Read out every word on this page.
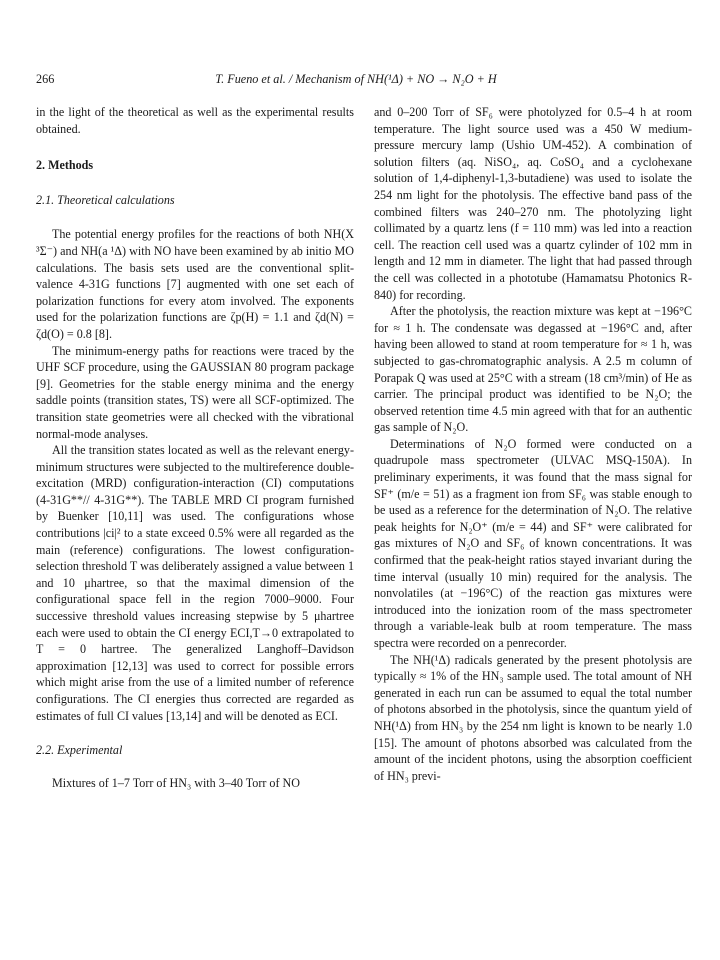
266	T. Fueno et al. / Mechanism of NH(¹Δ) + NO → N₂O + H

in the light of the theoretical as well as the experimental results obtained.

2. Methods
2.1. Theoretical calculations

The potential energy profiles for the reactions of both NH(X ³Σ⁻) and NH(a ¹Δ) with NO have been examined by ab initio MO calculations. The basis sets used are the conventional split-valence 4-31G functions [7] augmented with one set each of polarization functions for every atom involved. The exponents used for the polarization functions are ζp(H) = 1.1 and ζd(N) = ζd(O) = 0.8 [8].

The minimum-energy paths for reactions were traced by the UHF SCF procedure, using the GAUSSIAN 80 program package [9]. Geometries for the stable energy minima and the energy saddle points (transition states, TS) were all SCF-optimized. The transition state geometries were all checked with the vibrational normal-mode analyses.

All the transition states located as well as the relevant energy-minimum structures were subjected to the multireference double-excitation (MRD) configuration-interaction (CI) computations (4-31G**// 4-31G**). The TABLE MRD CI program furnished by Buenker [10,11] was used. The configurations whose contributions |ci|² to a state exceed 0.5% were all regarded as the main (reference) configurations. The lowest configuration-selection threshold T was deliberately assigned a value between 1 and 10 μhartree, so that the maximal dimension of the configurational space fell in the region 7000–9000. Four successive threshold values increasing stepwise by 5 μhartree each were used to obtain the CI energy ECI,T→0 extrapolated to T = 0 hartree. The generalized Langhoff–Davidson approximation [12,13] was used to correct for possible errors which might arise from the use of a limited number of reference configurations. The CI energies thus corrected are regarded as estimates of full CI values [13,14] and will be denoted as ECI.

2.2. Experimental

Mixtures of 1–7 Torr of HN₃ with 3–40 Torr of NO

and 0–200 Torr of SF₆ were photolyzed for 0.5–4 h at room temperature. The light source used was a 450 W medium-pressure mercury lamp (Ushio UM-452). A combination of solution filters (aq. NiSO₄, aq. CoSO₄ and a cyclohexane solution of 1,4-diphenyl-1,3-butadiene) was used to isolate the 254 nm light for the photolysis. The effective band pass of the combined filters was 240–270 nm. The photolyzing light collimated by a quartz lens (f = 110 mm) was led into a reaction cell. The reaction cell used was a quartz cylinder of 102 mm in length and 12 mm in diameter. The light that had passed through the cell was collected in a phototube (Hamamatsu Photonics R-840) for recording.

After the photolysis, the reaction mixture was kept at −196°C for ≈ 1 h. The condensate was degassed at −196°C and, after having been allowed to stand at room temperature for ≈ 1 h, was subjected to gas-chromatographic analysis. A 2.5 m column of Porapak Q was used at 25°C with a stream (18 cm³/min) of He as carrier. The principal product was identified to be N₂O; the observed retention time 4.5 min agreed with that for an authentic gas sample of N₂O.

Determinations of N₂O formed were conducted on a quadrupole mass spectrometer (ULVAC MSQ-150A). In preliminary experiments, it was found that the mass signal for SF⁺ (m/e = 51) as a fragment ion from SF₆ was stable enough to be used as a reference for the determination of N₂O. The relative peak heights for N₂O⁺ (m/e = 44) and SF⁺ were calibrated for gas mixtures of N₂O and SF₆ of known concentrations. It was confirmed that the peak-height ratios stayed invariant during the time interval (usually 10 min) required for the analysis. The nonvolatiles (at −196°C) of the reaction gas mixtures were introduced into the ionization room of the mass spectrometer through a variable-leak bulb at room temperature. The mass spectra were recorded on a penrecorder.

The NH(¹Δ) radicals generated by the present photolysis are typically ≈ 1% of the HN₃ sample used. The total amount of NH generated in each run can be assumed to equal the total number of photons absorbed in the photolysis, since the quantum yield of NH(¹Δ) from HN₃ by the 254 nm light is known to be nearly 1.0 [15]. The amount of photons absorbed was calculated from the amount of the incident photons, using the absorption coefficient of HN₃ previ-
